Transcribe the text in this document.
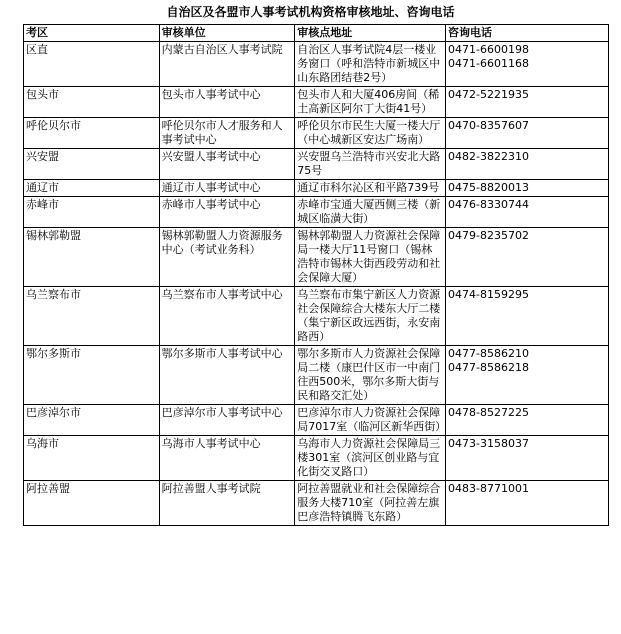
自治区及各盟市人事考试机构资格审核地址、咨询电话
考区	审核单位	审核点地址	咨询电话
区直	内蒙古自治区人事考试院	自治区人事考试院4层一楼业务窗口（呼和浩特市新城区中山东路团结巷2号）	0471-6600198
0471-6601168

包头市	包头市人事考试中心	包头市人和大厦406房间（稀土高新区阿尔丁大街41号）	0472-5221935

呼伦贝尔市	呼伦贝尔市人才服务和人事考试中心	呼伦贝尔市民生大厦一楼大厅（中心城新区安达广场南）	0470-8357607

兴安盟	兴安盟人事考试中心	兴安盟乌兰浩特市兴安北大路75号	0482-3822310

通辽市	通辽市人事考试中心	通辽市科尔沁区和平路739号	0475-8820013

赤峰市	赤峰市人事考试中心	赤峰市宝通大厦西侧三楼（新城区临潢大街）	0476-8330744

锡林郭勒盟	锡林郭勒盟人力资源服务中心（考试业务科）	锡林郭勒盟人力资源社会保障局一楼大厅11号窗口（锡林浩特市锡林大街西段劳动和社会保障大厦）	0479-8235702

乌兰察布市	乌兰察布市人事考试中心	乌兰察布市集宁新区人力资源社会保障综合大楼东大厅二楼（集宁新区政远西街，永安南路西）	0474-8159295

鄂尔多斯市	鄂尔多斯市人事考试中心	鄂尔多斯市人力资源社会保障局二楼（康巴什区市一中南门往西500米，鄂尔多斯大街与民和路交汇处）	0477-8586210
0477-8586218

巴彦淖尔市	巴彦淖尔市人事考试中心	巴彦淖尔市人力资源社会保障局7017室（临河区新华西街）	0478-8527225

乌海市	乌海市人事考试中心	乌海市人力资源社会保障局三楼301室（滨河区创业路与宜化街交叉路口）	0473-3158037

阿拉善盟	阿拉善盟人事考试院	阿拉善盟就业和社会保障综合服务大楼710室（阿拉善左旗巴彦浩特镇腾飞东路）	0483-8771001
